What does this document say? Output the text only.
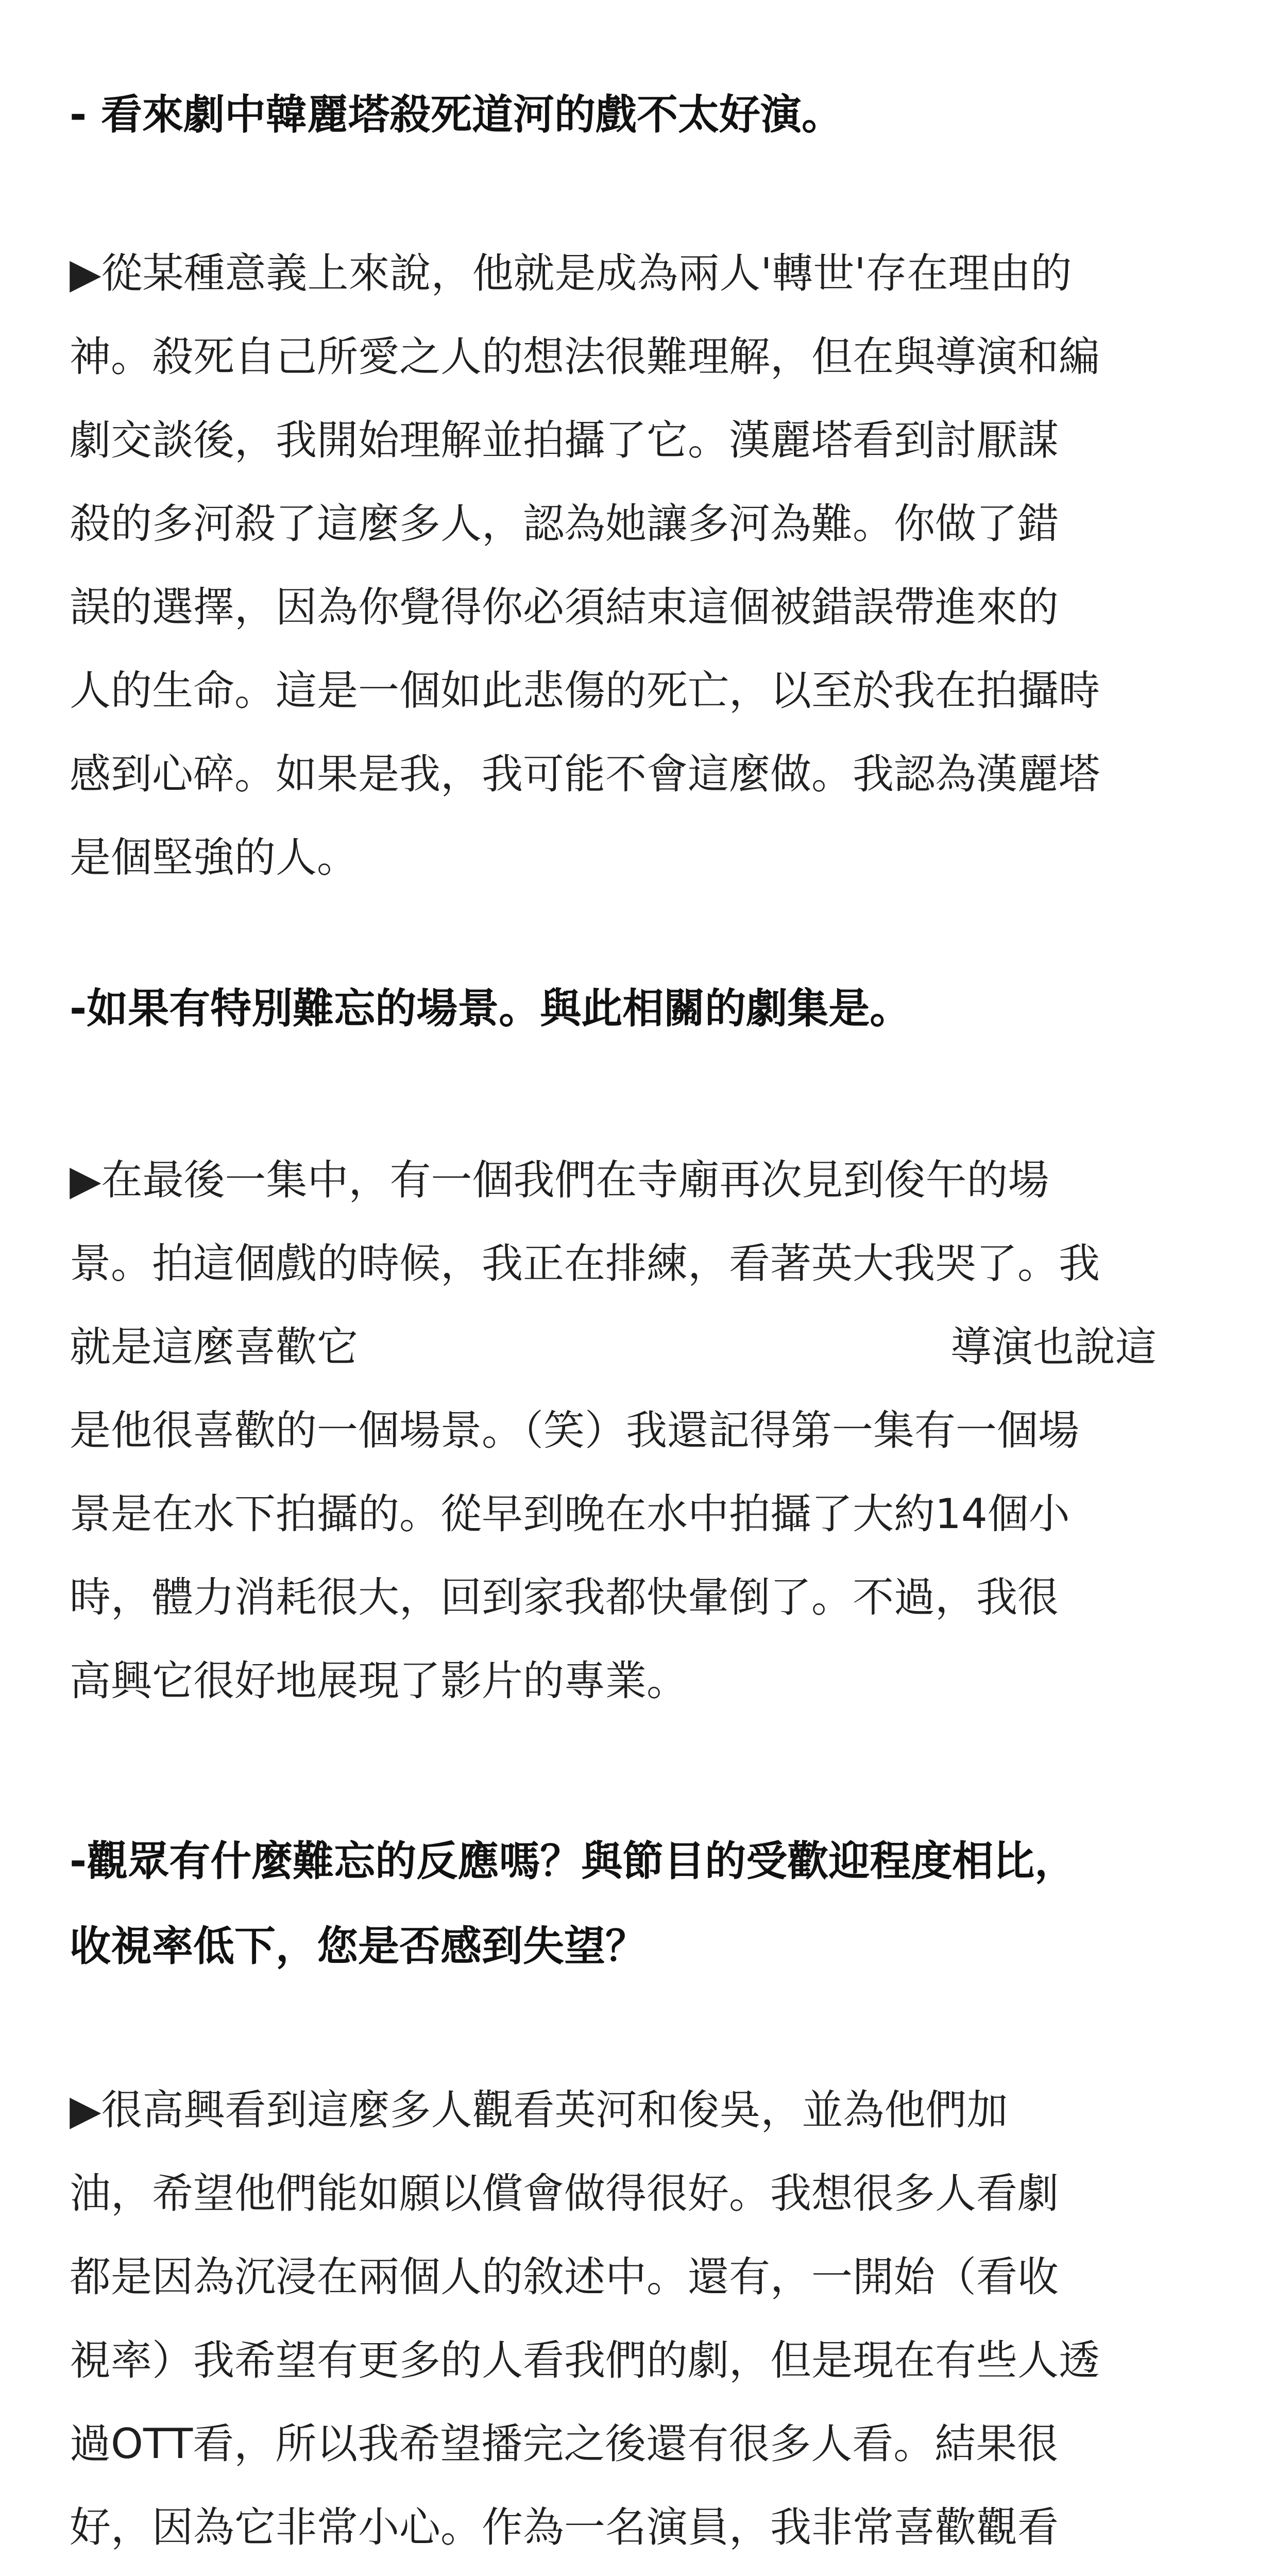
- 看來劇中韓麗塔殺死道河的戲不太好演。
▶從某種意義上來說，他就是成為兩人'轉世'存在理由的
神。殺死自己所愛之人的想法很難理解，但在與導演和編
劇交談後，我開始理解並拍攝了它。漢麗塔看到討厭謀
殺的多河殺了這麼多人，認為她讓多河為難。你做了錯
誤的選擇，因為你覺得你必須結束這個被錯誤帶進來的
人的生命。這是一個如此悲傷的死亡，以至於我在拍攝時
感到心碎。如果是我，我可能不會這麼做。我認為漢麗塔
是個堅強的人。
-如果有特別難忘的場景。與此相關的劇集是。
▶在最後一集中，有一個我們在寺廟再次見到俊午的場
景。拍這個戲的時候，我正在排練，看著英大我哭了。我
就是這麼喜歡它	導演也說這
是他很喜歡的一個場景。（笑）我還記得第一集有一個場
景是在水下拍攝的。從早到晚在水中拍攝了大約14個小
時，體力消耗很大，回到家我都快暈倒了。不過，我很
高興它很好地展現了影片的專業。
-觀眾有什麼難忘的反應嗎？與節目的受歡迎程度相比，
收視率低下，您是否感到失望？
▶很高興看到這麼多人觀看英河和俊吳，並為他們加
油，希望他們能如願以償會做得很好。我想很多人看劇
都是因為沉浸在兩個人的敘述中。還有，一開始（看收
視率）我希望有更多的人看我們的劇，但是現在有些人透
過OTT看，所以我希望播完之後還有很多人看。結果很
好，因為它非常小心。作為一名演員，我非常喜歡觀看
